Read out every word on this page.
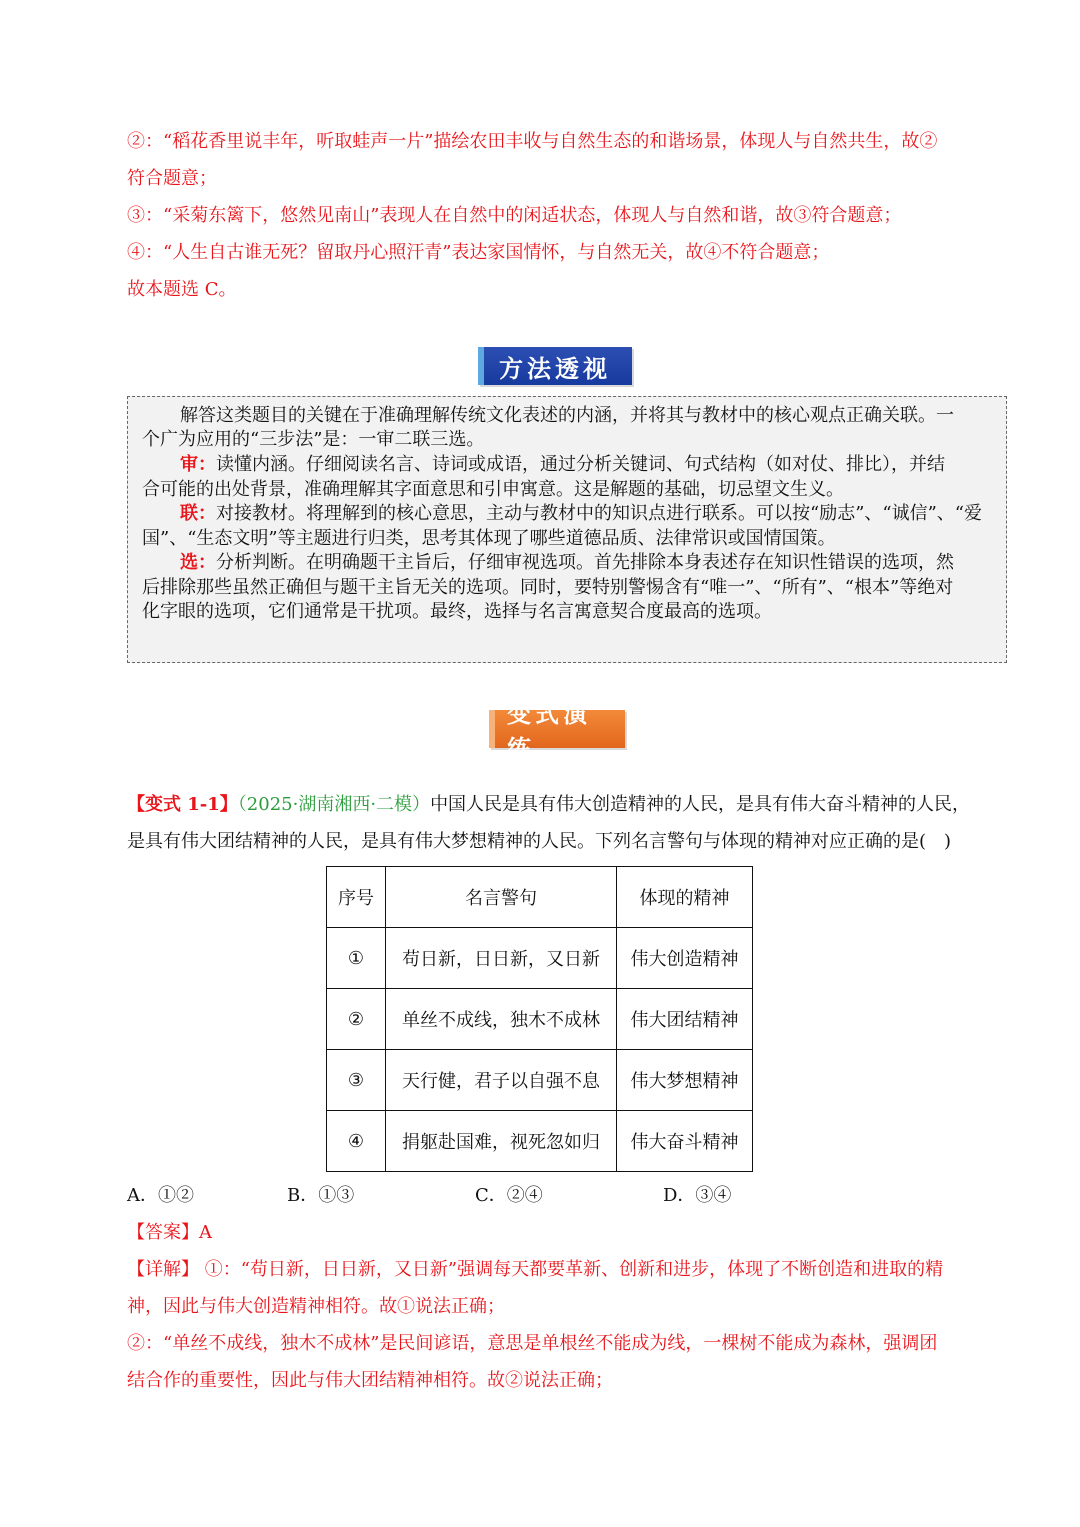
②：“稻花香里说丰年，听取蛙声一片”描绘农田丰收与自然生态的和谐场景，体现人与自然共生，故②
符合题意；
③：“采菊东篱下，悠然见南山”表现人在自然中的闲适状态，体现人与自然和谐，故③符合题意；
④：“人生自古谁无死？留取丹心照汗青”表达家国情怀，与自然无关，故④不符合题意；
故本题选 C。
方法透视
解答这类题目的关键在于准确理解传统文化表述的内涵，并将其与教材中的核心观点正确关联。一
个广为应用的“三步法”是：一审二联三选。
审：读懂内涵。仔细阅读名言、诗词或成语，通过分析关键词、句式结构（如对仗、排比），并结
合可能的出处背景，准确理解其字面意思和引申寓意。这是解题的基础，切忌望文生义。
联：对接教材。将理解到的核心意思，主动与教材中的知识点进行联系。可以按“励志”、“诚信”、“爱
国”、“生态文明”等主题进行归类，思考其体现了哪些道德品质、法律常识或国情国策。
选：分析判断。在明确题干主旨后，仔细审视选项。首先排除本身表述存在知识性错误的选项，然
后排除那些虽然正确但与题干主旨无关的选项。同时，要特别警惕含有“唯一”、“所有”、“根本”等绝对
化字眼的选项，它们通常是干扰项。最终，选择与名言寓意契合度最高的选项。
变式演练
【变式 1-1】（2025·湖南湘西·二模）中国人民是具有伟大创造精神的人民，是具有伟大奋斗精神的人民，
是具有伟大团结精神的人民，是具有伟大梦想精神的人民。下列名言警句与体现的精神对应正确的是(　)
序号	名言警句	体现的精神
①	苟日新，日日新，又日新	伟大创造精神
②	单丝不成线，独木不成林	伟大团结精神
③	天行健，君子以自强不息	伟大梦想精神
④	捐躯赴国难，视死忽如归	伟大奋斗精神
A．①②	B．①③	C．②④	D．③④
【答案】A
【详解】 ①：“苟日新，日日新，又日新”强调每天都要革新、创新和进步，体现了不断创造和进取的精
神，因此与伟大创造精神相符。故①说法正确；
②：“单丝不成线，独木不成林”是民间谚语，意思是单根丝不能成为线，一棵树不能成为森林，强调团
结合作的重要性，因此与伟大团结精神相符。故②说法正确；
